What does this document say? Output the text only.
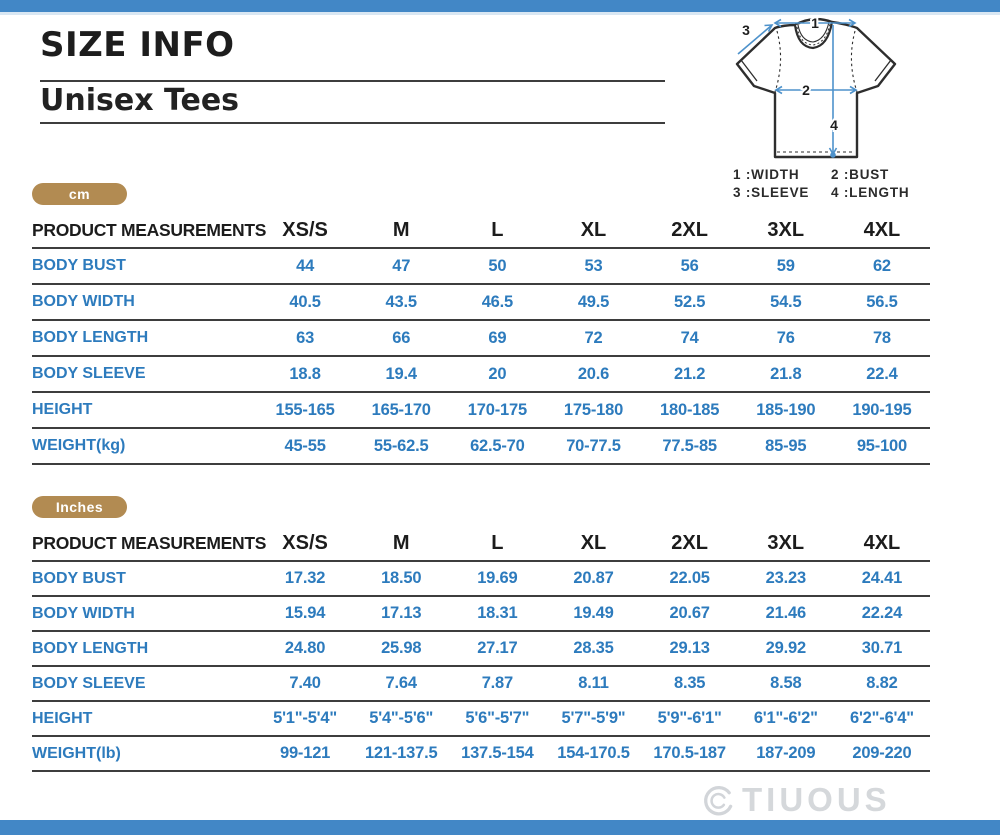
SIZE INFO
Unisex Tees
1
2
3
4
1 :WIDTH	2 :BUST
3 :SLEEVE	4 :LENGTH
cm
PRODUCT MEASUREMENTS	XS/S	M	L	XL	2XL	3XL	4XL
BODY BUST	44	47	50	53	56	59	62
BODY WIDTH	40.5	43.5	46.5	49.5	52.5	54.5	56.5
BODY LENGTH	63	66	69	72	74	76	78
BODY SLEEVE	18.8	19.4	20	20.6	21.2	21.8	22.4
HEIGHT	155-165	165-170	170-175	175-180	180-185	185-190	190-195
WEIGHT(kg)	45-55	55-62.5	62.5-70	70-77.5	77.5-85	85-95	95-100
Inches
PRODUCT MEASUREMENTS	XS/S	M	L	XL	2XL	3XL	4XL
BODY BUST	17.32	18.50	19.69	20.87	22.05	23.23	24.41
BODY WIDTH	15.94	17.13	18.31	19.49	20.67	21.46	22.24
BODY LENGTH	24.80	25.98	27.17	28.35	29.13	29.92	30.71
BODY SLEEVE	7.40	7.64	7.87	8.11	8.35	8.58	8.82
HEIGHT	5'1"-5'4"	5'4"-5'6"	5'6"-5'7"	5'7"-5'9"	5'9"-6'1"	6'1"-6'2"	6'2"-6'4"
WEIGHT(lb)	99-121	121-137.5	137.5-154	154-170.5	170.5-187	187-209	209-220
TIUOUS
